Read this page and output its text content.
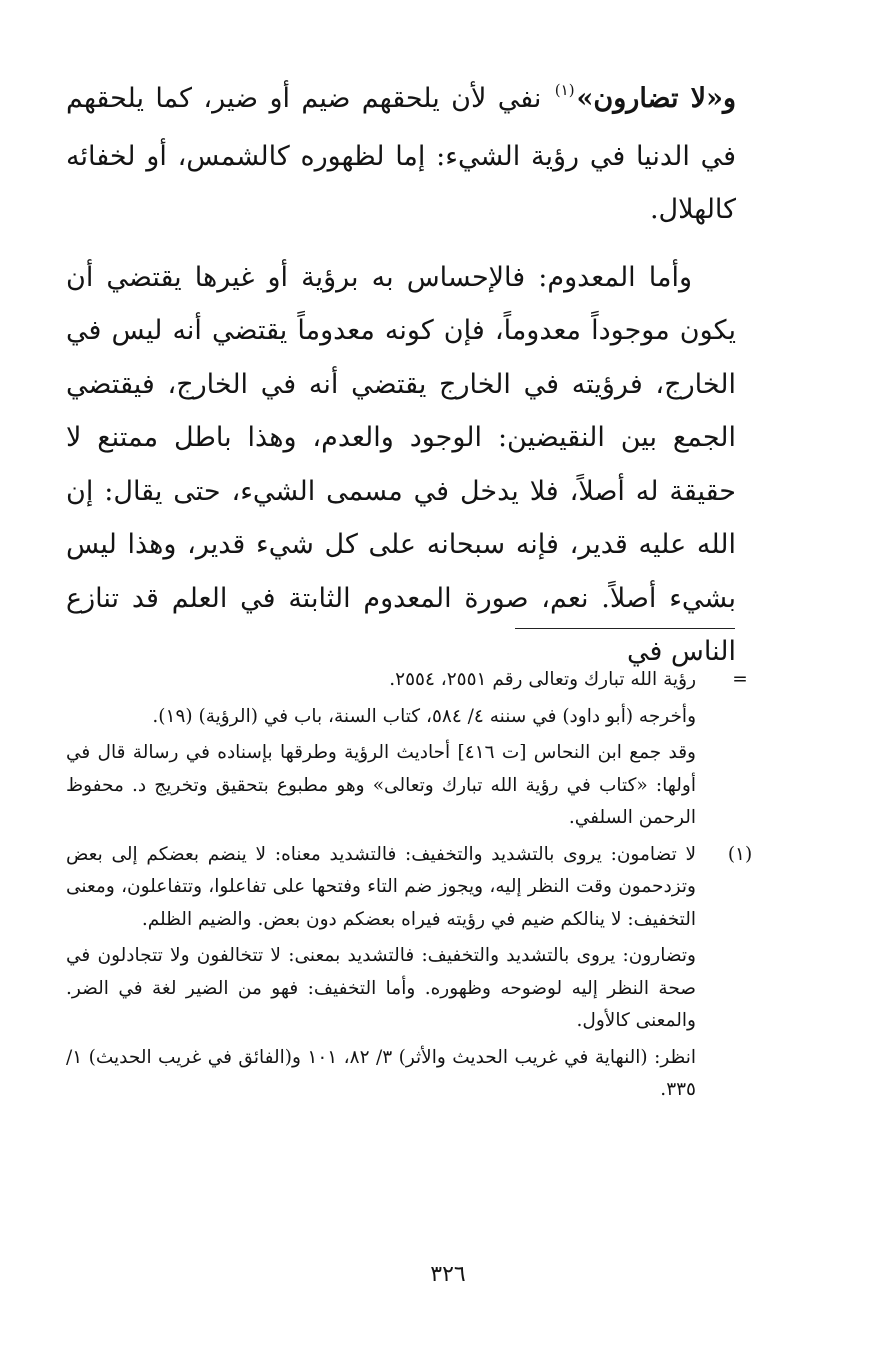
و«لا تضارون»$^{(١)}$ نفي لأن يلحقهم ضيم أو ضير، كما يلحقهم في الدنيا في رؤية الشيء: إما لظهوره كالشمس، أو لخفائه كالهلال.

وأما المعدوم: فالإحساس به برؤية أو غيرها يقتضي أن يكون موجوداً معدوماً، فإن كونه معدوماً يقتضي أنه ليس في الخارج، فرؤيته في الخارج يقتضي أنه في الخارج، فيقتضي الجمع بين النقيضين: الوجود والعدم، وهذا باطل ممتنع لا حقيقة له أصلاً، فلا يدخل في مسمى الشيء، حتى يقال: إن الله عليه قدير، فإنه سبحانه على كل شيء قدير، وهذا ليس بشيء أصلاً. نعم، صورة المعدوم الثابتة في العلم قد تنازع الناس في

=

رؤية الله تبارك وتعالى رقم ٢٥٥١، ٢٥٥٤.

وأخرجه (أبو داود) في سننه ٤/ ٥٨٤، كتاب السنة، باب في (الرؤية) (١٩).

وقد جمع ابن النحاس [ت ٤١٦] أحاديث الرؤية وطرقها بإسناده في رسالة قال في أولها: «كتاب في رؤية الله تبارك وتعالى» وهو مطبوع بتحقيق وتخريج د. محفوظ الرحمن السلفي.

(١)

لا تضامون: يروى بالتشديد والتخفيف: فالتشديد معناه: لا ينضم بعضكم إلى بعض وتزدحمون وقت النظر إليه، ويجوز ضم التاء وفتحها على تفاعلوا، وتتفاعلون، ومعنى التخفيف: لا ينالكم ضيم في رؤيته فيراه بعضكم دون بعض. والضيم الظلم.

وتضارون: يروى بالتشديد والتخفيف: فالتشديد بمعنى: لا تتخالفون ولا تتجادلون في صحة النظر إليه لوضوحه وظهوره. وأما التخفيف: فهو من الضير لغة في الضر. والمعنى كالأول.

انظر: (النهاية في غريب الحديث والأثر) ٣/ ٨٢، ١٠١ و(الفائق في غريب الحديث) ١/ ٣٣٥.

٣٢٦
